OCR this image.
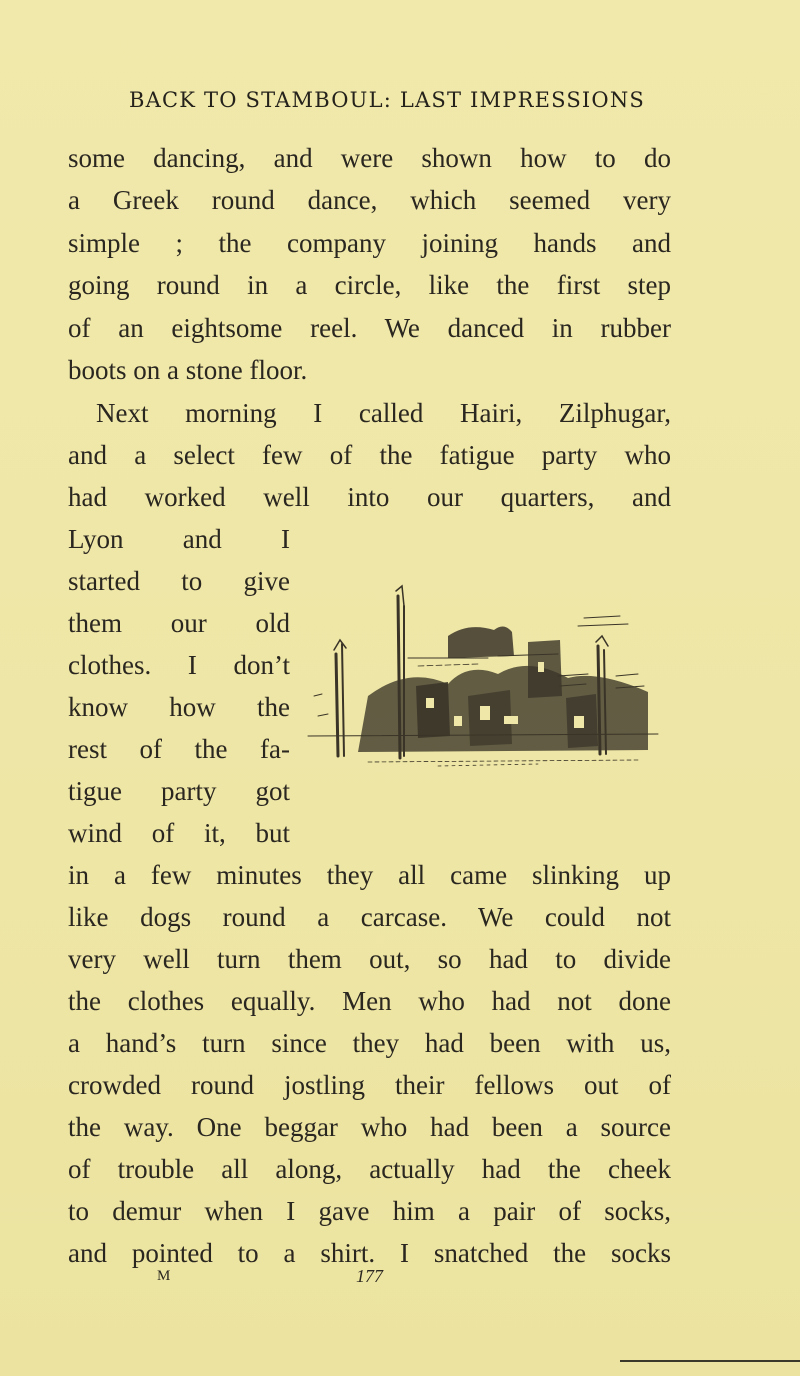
BACK TO STAMBOUL: LAST IMPRESSIONS
some dancing, and were shown how to do
a Greek round dance, which seemed very
simple ; the company joining hands and
going round in a circle, like the first step
of an eightsome reel. We danced in rubber
boots on a stone floor.
Next morning I called Hairi, Zilphugar,
and a select few of the fatigue party who
had worked well into our quarters, and
Lyon and I
started to give
them our old
clothes. I don’t
know how the
rest of the fa-
tigue party got
wind of it, but
in a few minutes they all came slinking up
like dogs round a carcase. We could not
very well turn them out, so had to divide
the clothes equally. Men who had not done
a hand’s turn since they had been with us,
crowded round jostling their fellows out of
the way. One beggar who had been a source
of trouble all along, actually had the cheek
to demur when I gave him a pair of socks,
and pointed to a shirt. I snatched the socks
M	177
